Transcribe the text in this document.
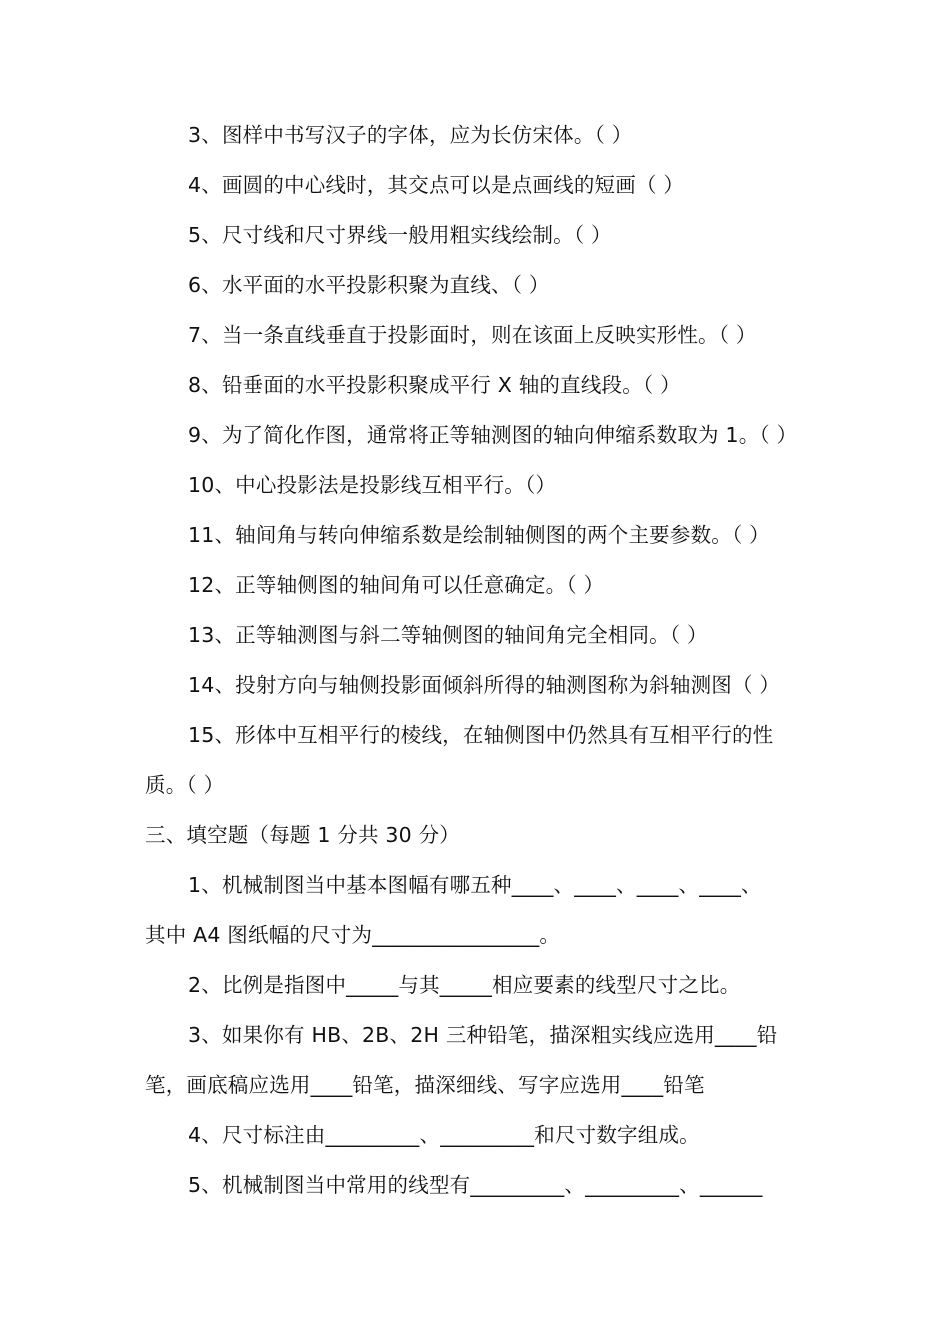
3、图样中书写汉子的字体，应为长仿宋体。（ ）
4、画圆的中心线时，其交点可以是点画线的短画（ ）
5、尺寸线和尺寸界线一般用粗实线绘制。（ ）
6、水平面的水平投影积聚为直线、（ ）
7、当一条直线垂直于投影面时，则在该面上反映实形性。（ ）
8、铅垂面的水平投影积聚成平行 X 轴的直线段。（ ）
9、为了简化作图，通常将正等轴测图的轴向伸缩系数取为 1。（ ）
10、中心投影法是投影线互相平行。（）
11、轴间角与转向伸缩系数是绘制轴侧图的两个主要参数。（ ）
12、正等轴侧图的轴间角可以任意确定。（ ）
13、正等轴测图与斜二等轴侧图的轴间角完全相同。（ ）
14、投射方向与轴侧投影面倾斜所得的轴测图称为斜轴测图（ ）
15、形体中互相平行的棱线，在轴侧图中仍然具有互相平行的性
质。（ ）
三、填空题（每题 1 分共 30 分）
1、机械制图当中基本图幅有哪五种____、____、____、____、
其中 A4 图纸幅的尺寸为________________。
2、比例是指图中_____与其_____相应要素的线型尺寸之比。
3、如果你有 HB、2B、2H 三种铅笔，描深粗实线应选用____铅
笔，画底稿应选用____铅笔，描深细线、写字应选用____铅笔
4、尺寸标注由_________、_________和尺寸数字组成。
5、机械制图当中常用的线型有_________、_________、______
